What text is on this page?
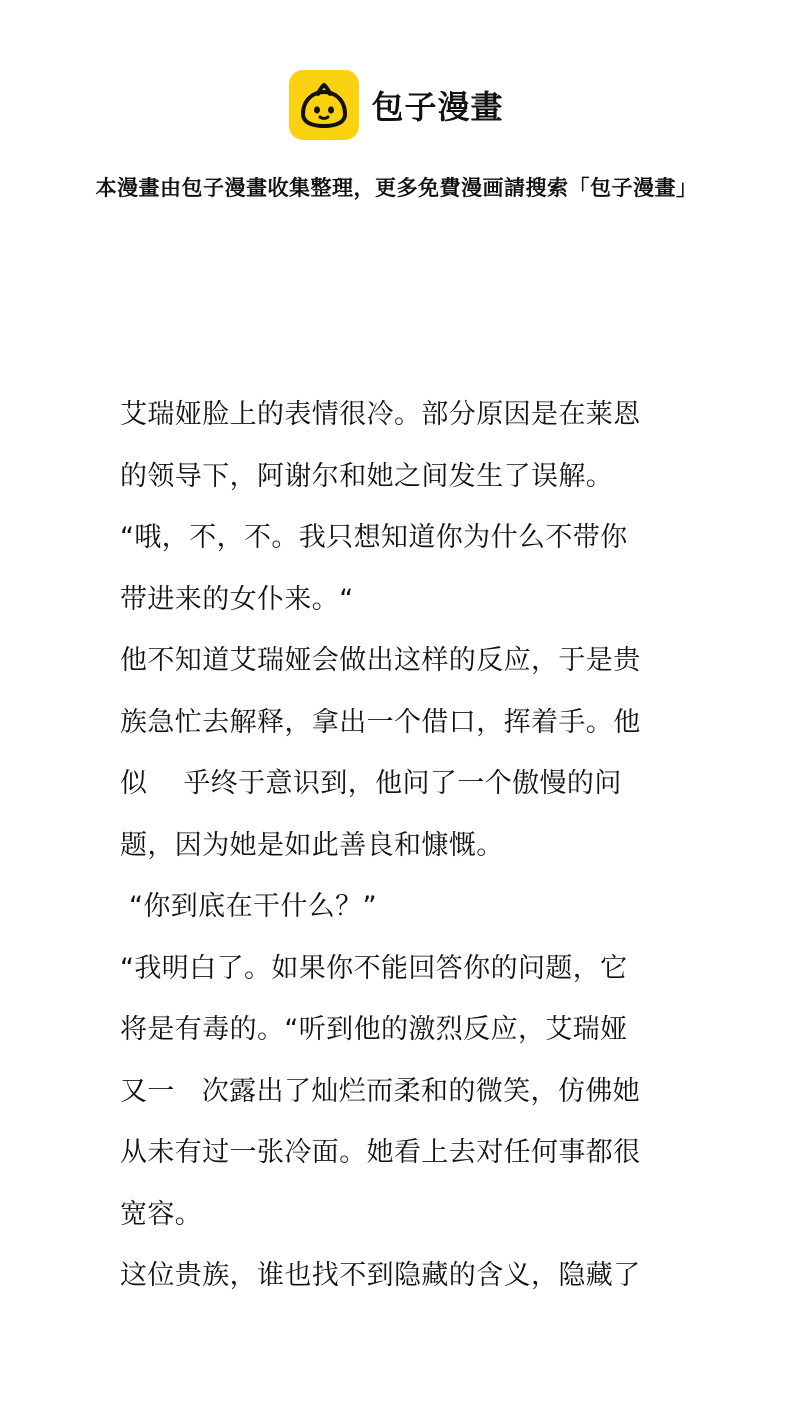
包子漫畫
本漫畫由包子漫畫收集整理，更多免費漫画請搜索「包子漫畫」
艾瑞娅脸上的表情很冷。部分原因是在莱恩
的领导下，阿谢尔和她之间发生了误解。
“哦，不，不。我只想知道你为什么不带你
带进来的女仆来。“
他不知道艾瑞娅会做出这样的反应，于是贵
族急忙去解释，拿出一个借口，挥着手。他
似    乎终于意识到，他问了一个傲慢的问
题，因为她是如此善良和慷慨。
“你到底在干什么？”
“我明白了。如果你不能回答你的问题，它
将是有毒的。“听到他的激烈反应，艾瑞娅
又一   次露出了灿烂而柔和的微笑，仿佛她
从未有过一张冷面。她看上去对任何事都很
宽容。
这位贵族，谁也找不到隐藏的含义，隐藏了
